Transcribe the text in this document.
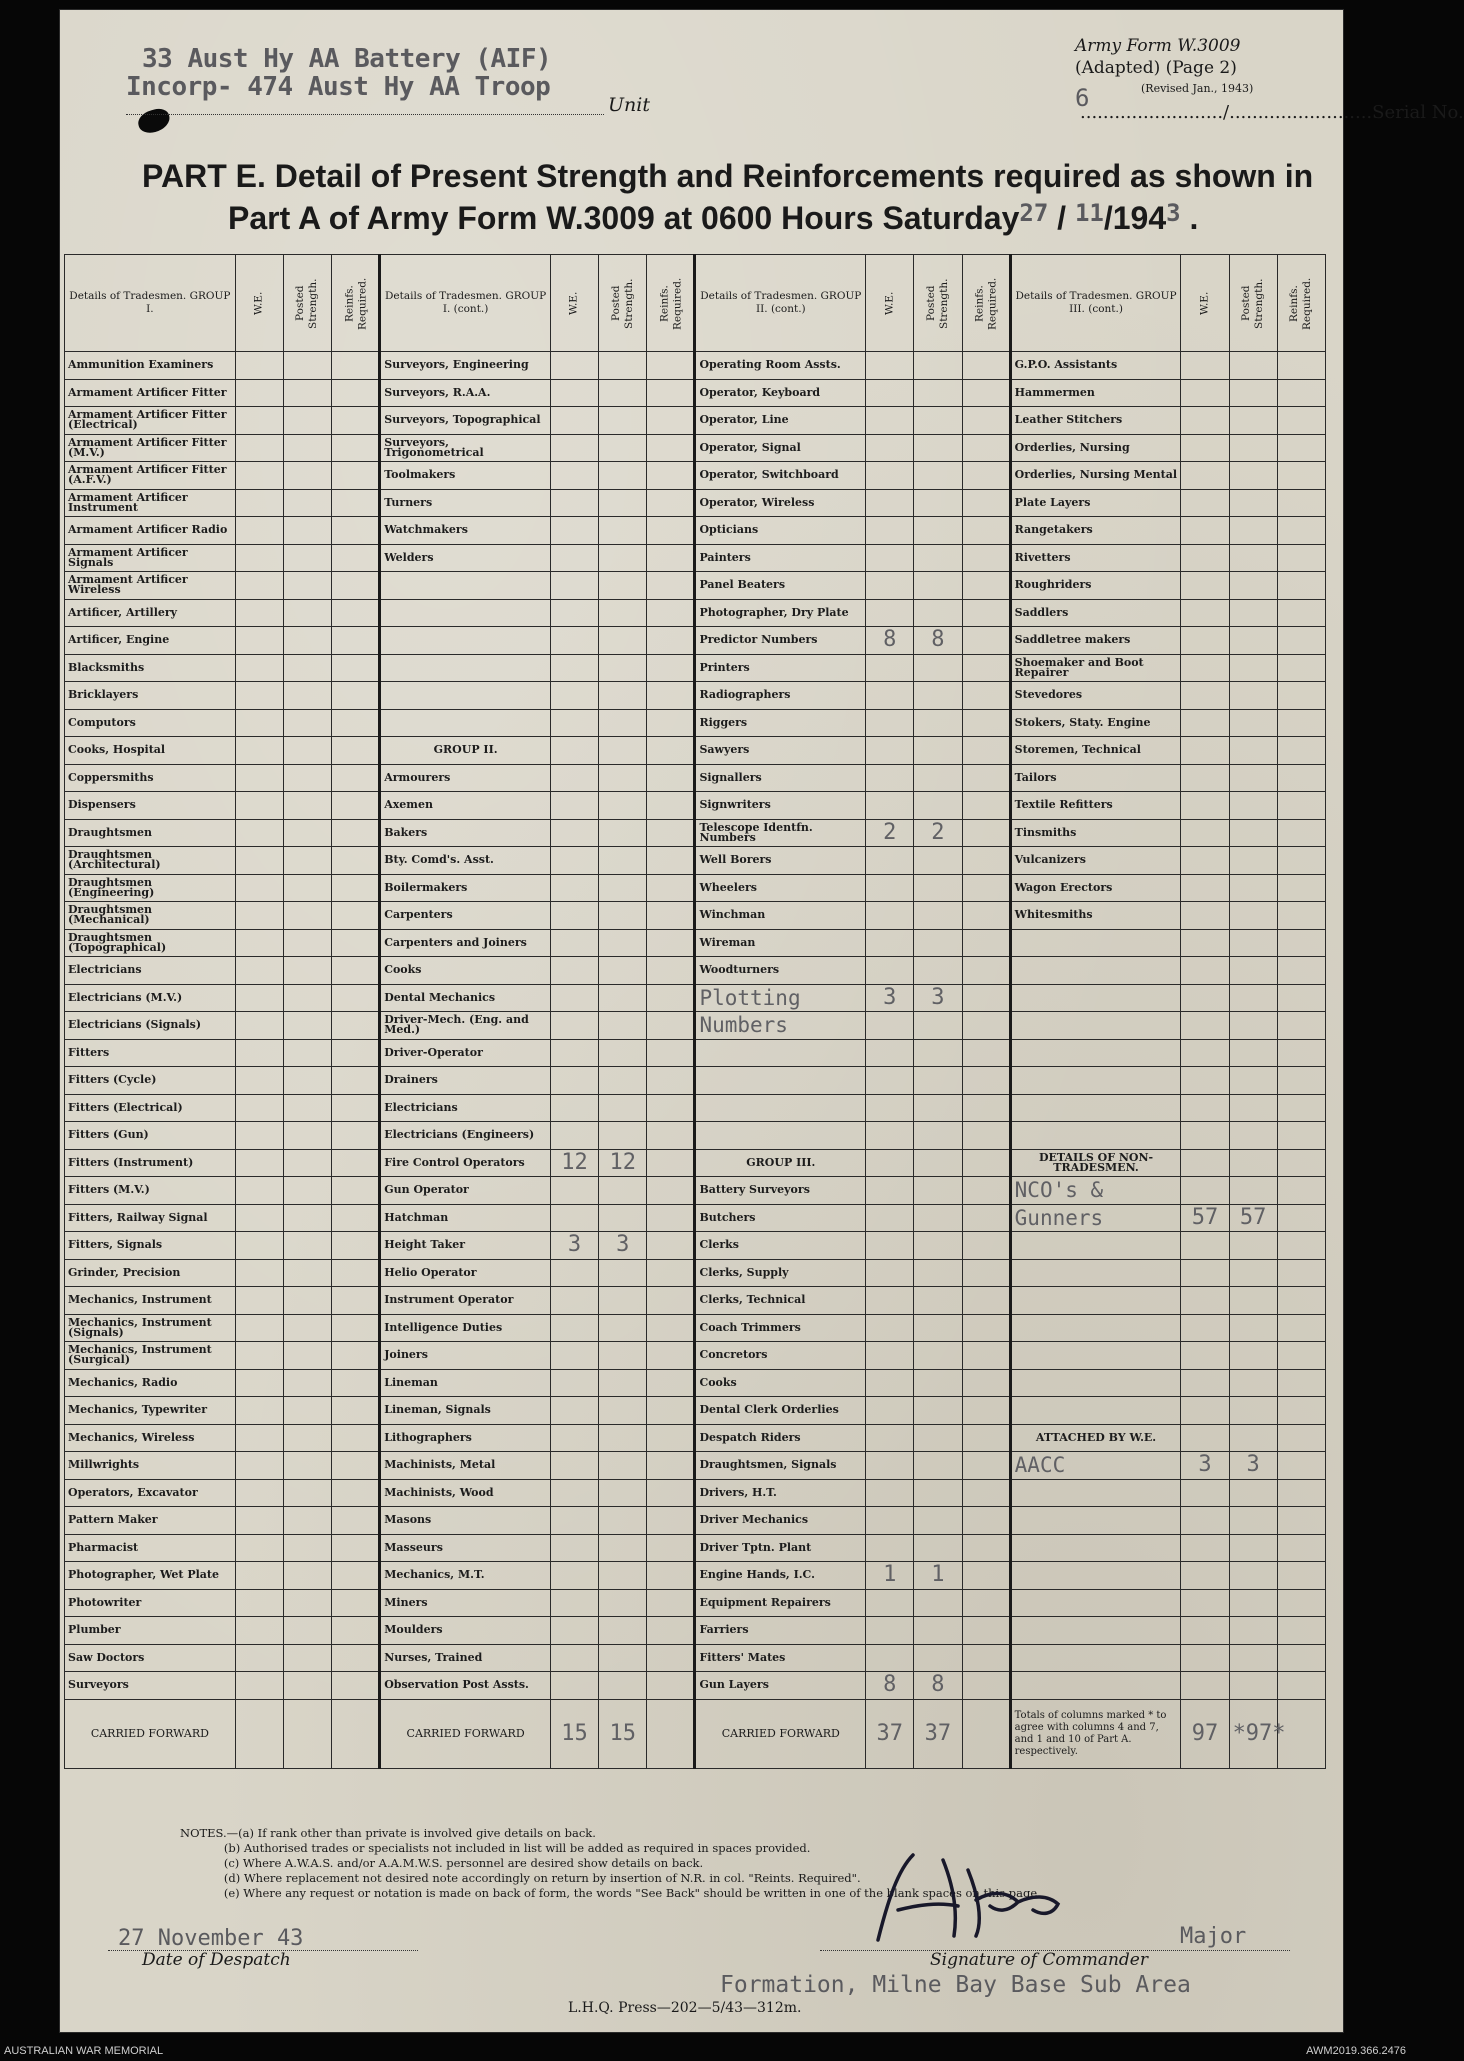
33 Aust Hy AA Battery (AIF)
Incorp- 474 Aust Hy AA Troop
Unit
Army Form W.3009
(Adapted) (Page 2)
(Revised Jan., 1943)
6
........................./.........................Serial No.
PART E. Detail of Present Strength and Reinforcements required as shown in
Part A of Army Form W.3009 at 0600 Hours Saturday$^{27}$ / $^{11}/194^3$ .
Details of Tradesmen. GROUP I.	W.E.	Posted Strength.	Reinfs. Required.	Details of Tradesmen. GROUP I. (cont.)	W.E.	Posted Strength.	Reinfs. Required.	Details of Tradesmen. GROUP II. (cont.)	W.E.	Posted Strength.	Reinfs. Required.	Details of Tradesmen. GROUP III. (cont.)	W.E.	Posted Strength.	Reinfs. Required.
Ammunition Examiners				Surveyors, Engineering				Operating Room Assts.				G.P.O. Assistants			
Armament Artificer Fitter				Surveyors, R.A.A.				Operator, Keyboard				Hammermen			
Armament Artificer Fitter (Electrical)				Surveyors, Topographical				Operator, Line				Leather Stitchers			
Armament Artificer Fitter (M.V.)				Surveyors, Trigonometrical				Operator, Signal				Orderlies, Nursing			
Armament Artificer Fitter (A.F.V.)				Toolmakers				Operator, Switchboard				Orderlies, Nursing Mental			
Armament Artificer Instrument				Turners				Operator, Wireless				Plate Layers			
Armament Artificer Radio				Watchmakers				Opticians				Rangetakers			
Armament Artificer Signals				Welders				Painters				Rivetters			
Armament Artificer Wireless								Panel Beaters				Roughriders			
Artificer, Artillery								Photographer, Dry Plate				Saddlers			
Artificer, Engine								Predictor Numbers	8	8		Saddletree makers			
Blacksmiths								Printers				Shoemaker and Boot Repairer			
Bricklayers								Radiographers				Stevedores			
Computors								Riggers				Stokers, Staty. Engine			
Cooks, Hospital				GROUP II.				Sawyers				Storemen, Technical			
Coppersmiths				Armourers				Signallers				Tailors			
Dispensers				Axemen				Signwriters				Textile Refitters			
Draughtsmen				Bakers				Telescope Identfn. Numbers	2	2		Tinsmiths			
Draughtsmen (Architectural)				Bty. Comd's. Asst.				Well Borers				Vulcanizers			
Draughtsmen (Engineering)				Boilermakers				Wheelers				Wagon Erectors			
Draughtsmen (Mechanical)				Carpenters				Winchman				Whitesmiths			
Draughtsmen (Topographical)				Carpenters and Joiners				Wireman							
Electricians				Cooks				Woodturners							
Electricians (M.V.)				Dental Mechanics				Plotting	3	3					
Electricians (Signals)				Driver-Mech. (Eng. and Med.)				Numbers							
Fitters				Driver-Operator											
Fitters (Cycle)				Drainers											
Fitters (Electrical)				Electricians											
Fitters (Gun)				Electricians (Engineers)											
Fitters (Instrument)				Fire Control Operators	12	12		GROUP III.				DETAILS OF NON-TRADESMEN.			
Fitters (M.V.)				Gun Operator				Battery Surveyors				NCO's &			
Fitters, Railway Signal				Hatchman				Butchers				Gunners	57	57	
Fitters, Signals				Height Taker	3	3		Clerks							
Grinder, Precision				Helio Operator				Clerks, Supply							
Mechanics, Instrument				Instrument Operator				Clerks, Technical							
Mechanics, Instrument (Signals)				Intelligence Duties				Coach Trimmers							
Mechanics, Instrument (Surgical)				Joiners				Concretors							
Mechanics, Radio				Lineman				Cooks							
Mechanics, Typewriter				Lineman, Signals				Dental Clerk Orderlies							
Mechanics, Wireless				Lithographers				Despatch Riders				ATTACHED BY W.E.			
Millwrights				Machinists, Metal				Draughtsmen, Signals				AACC	3	3	
Operators, Excavator				Machinists, Wood				Drivers, H.T.							
Pattern Maker				Masons				Driver Mechanics							
Pharmacist				Masseurs				Driver Tptn. Plant							
Photographer, Wet Plate				Mechanics, M.T.				Engine Hands, I.C.	1	1					
Photowriter				Miners				Equipment Repairers							
Plumber				Moulders				Farriers							
Saw Doctors				Nurses, Trained				Fitters' Mates							
Surveyors				Observation Post Assts.				Gun Layers	8	8					
CARRIED FORWARD				CARRIED FORWARD	15	15		CARRIED FORWARD	37	37		Totals of columns marked * to agree with columns 4 and 7, and 1 and 10 of Part A. respectively.	97	*97*	
NOTES.—(a) If rank other than private is involved give details on back.
(b) Authorised trades or specialists not included in list will be added as required in spaces provided.
(c) Where A.W.A.S. and/or A.A.M.W.S. personnel are desired show details on back.
(d) Where replacement not desired note accordingly on return by insertion of N.R. in col. "Reints. Required".
(e) Where any request or notation is made on back of form, the words "See Back" should be written in one of the blank spaces on this page.
27 November 43
Date of Despatch
Major
Signature of Commander
Formation, Milne Bay Base Sub Area
L.H.Q. Press—202—5/43—312m.
AUSTRALIAN WAR MEMORIAL	AWM2019.366.2476
